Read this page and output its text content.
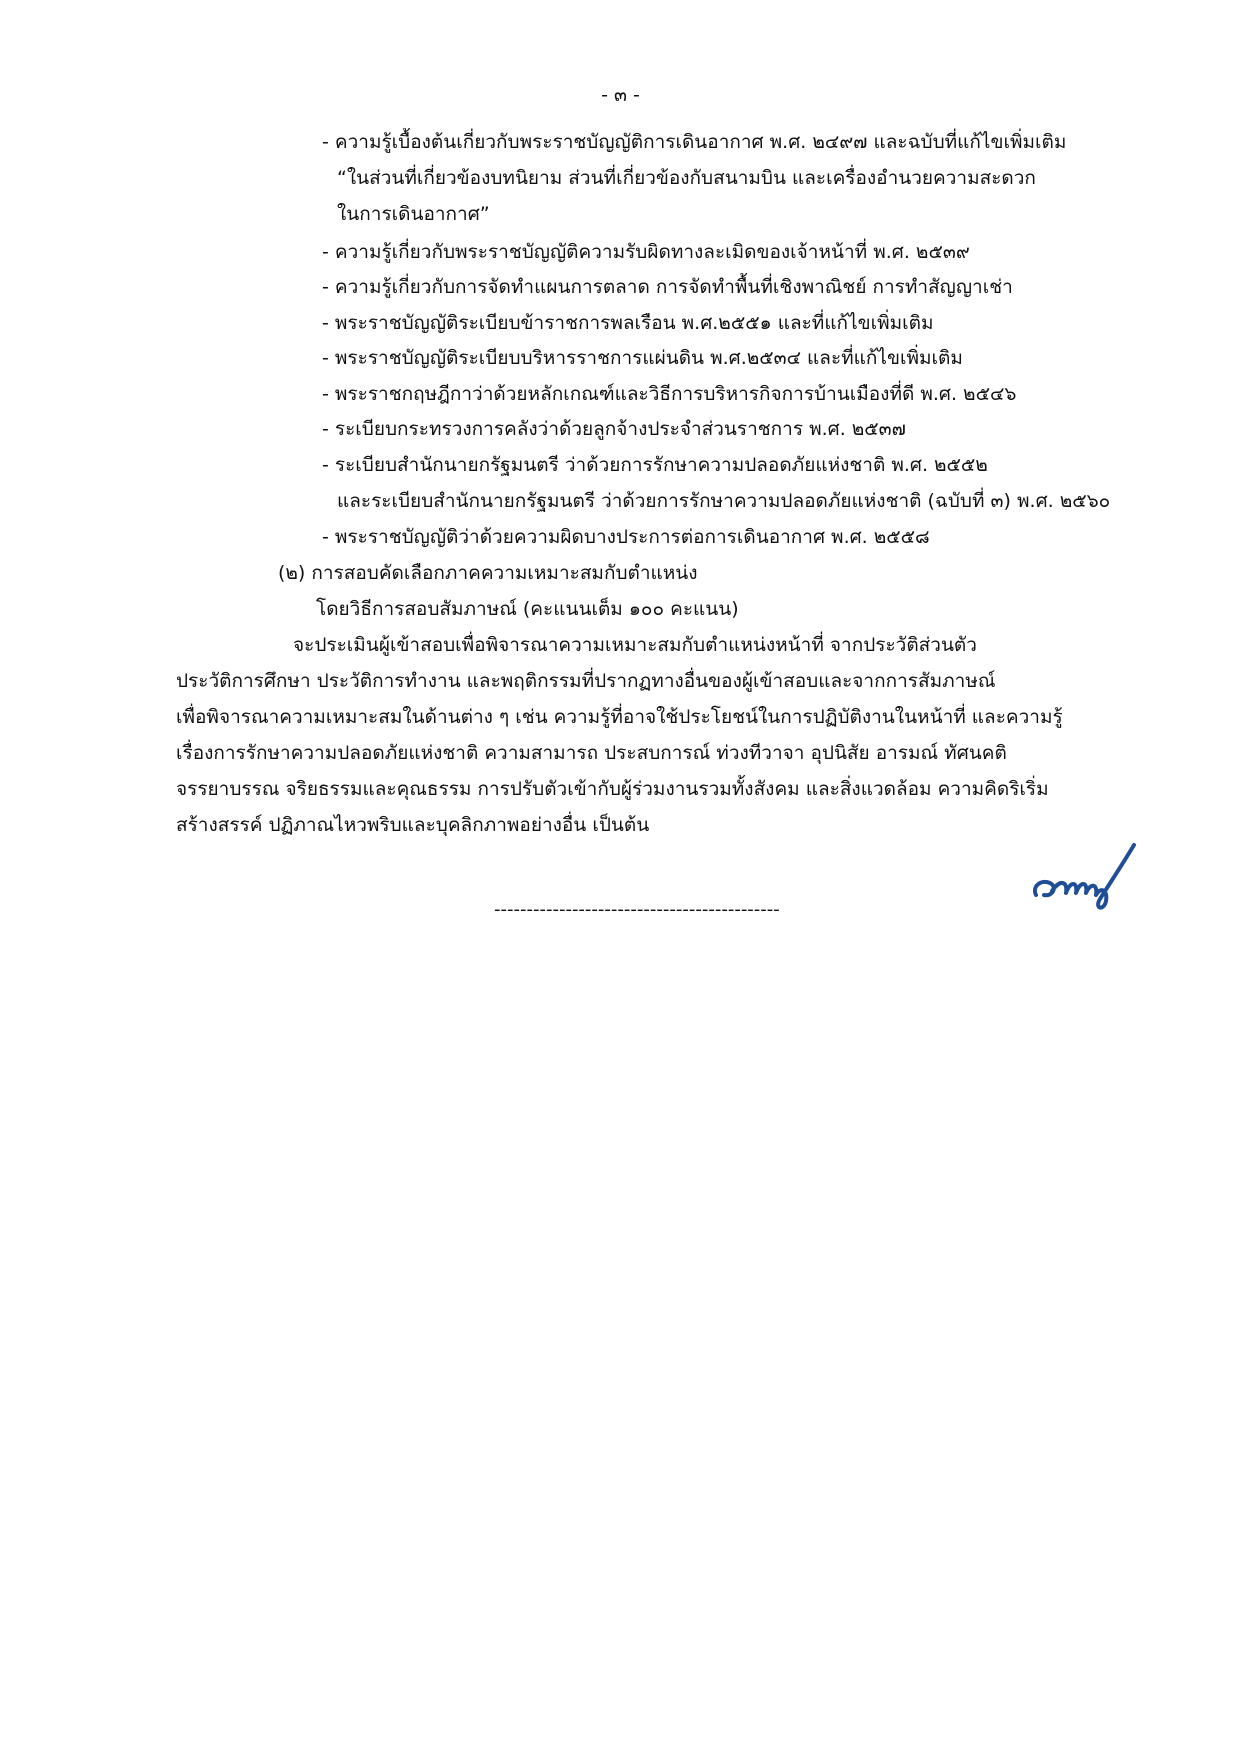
- ๓ -
- ความรู้เบื้องต้นเกี่ยวกับพระราชบัญญัติการเดินอากาศ พ.ศ. ๒๔๙๗ และฉบับที่แก้ไขเพิ่มเติม
“ในส่วนที่เกี่ยวข้องบทนิยาม ส่วนที่เกี่ยวข้องกับสนามบิน และเครื่องอำนวยความสะดวก
ในการเดินอากาศ”
- ความรู้เกี่ยวกับพระราชบัญญัติความรับผิดทางละเมิดของเจ้าหน้าที่ พ.ศ. ๒๕๓๙
- ความรู้เกี่ยวกับการจัดทำแผนการตลาด การจัดทำพื้นที่เชิงพาณิชย์ การทำสัญญาเช่า
- พระราชบัญญัติระเบียบข้าราชการพลเรือน พ.ศ.๒๕๕๑ และที่แก้ไขเพิ่มเติม
- พระราชบัญญัติระเบียบบริหารราชการแผ่นดิน พ.ศ.๒๕๓๔ และที่แก้ไขเพิ่มเติม
- พระราชกฤษฎีกาว่าด้วยหลักเกณฑ์และวิธีการบริหารกิจการบ้านเมืองที่ดี พ.ศ. ๒๕๔๖
- ระเบียบกระทรวงการคลังว่าด้วยลูกจ้างประจำส่วนราชการ พ.ศ. ๒๕๓๗
- ระเบียบสำนักนายกรัฐมนตรี ว่าด้วยการรักษาความปลอดภัยแห่งชาติ พ.ศ. ๒๕๕๒
และระเบียบสำนักนายกรัฐมนตรี ว่าด้วยการรักษาความปลอดภัยแห่งชาติ (ฉบับที่ ๓) พ.ศ. ๒๕๖๐
- พระราชบัญญัติว่าด้วยความผิดบางประการต่อการเดินอากาศ พ.ศ. ๒๕๕๘
(๒) การสอบคัดเลือกภาคความเหมาะสมกับตำแหน่ง
โดยวิธีการสอบสัมภาษณ์ (คะแนนเต็ม ๑๐๐ คะแนน)
จะประเมินผู้เข้าสอบเพื่อพิจารณาความเหมาะสมกับตำแหน่งหน้าที่ จากประวัติส่วนตัว
ประวัติการศึกษา ประวัติการทำงาน และพฤติกรรมที่ปรากฏทางอื่นของผู้เข้าสอบและจากการสัมภาษณ์
เพื่อพิจารณาความเหมาะสมในด้านต่าง ๆ เช่น ความรู้ที่อาจใช้ประโยชน์ในการปฏิบัติงานในหน้าที่ และความรู้
เรื่องการรักษาความปลอดภัยแห่งชาติ ความสามารถ ประสบการณ์ ท่วงทีวาจา อุปนิสัย อารมณ์ ทัศนคติ
จรรยาบรรณ จริยธรรมและคุณธรรม การปรับตัวเข้ากับผู้ร่วมงานรวมทั้งสังคม และสิ่งแวดล้อม ความคิดริเริ่ม
สร้างสรรค์ ปฏิภาณไหวพริบและบุคลิกภาพอย่างอื่น เป็นต้น
--------------------------------------------
